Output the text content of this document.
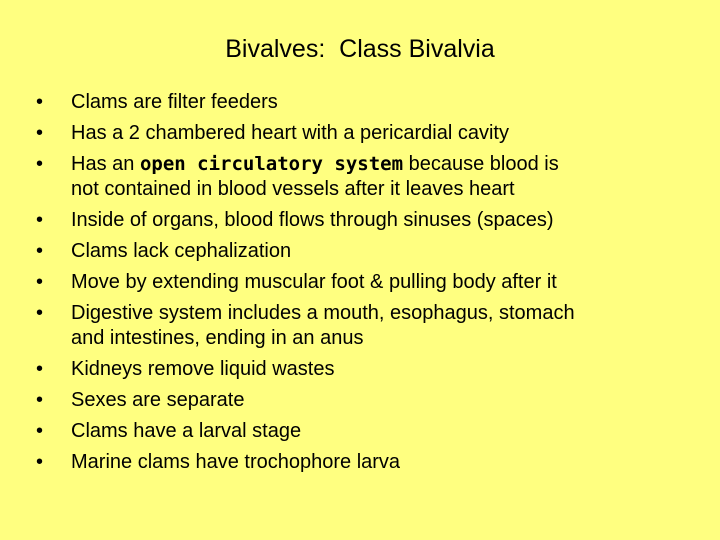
Bivalves:  Class Bivalvia
• Clams are filter feeders
• Has a 2 chambered heart with a pericardial cavity
• Has an open circulatory system because blood is
not contained in blood vessels after it leaves heart
• Inside of organs, blood flows through sinuses (spaces)
• Clams lack cephalization
• Move by extending muscular foot & pulling body after it
• Digestive system includes a mouth, esophagus, stomach
and intestines, ending in an anus
• Kidneys remove liquid wastes
• Sexes are separate
• Clams have a larval stage
• Marine clams have trochophore larva
